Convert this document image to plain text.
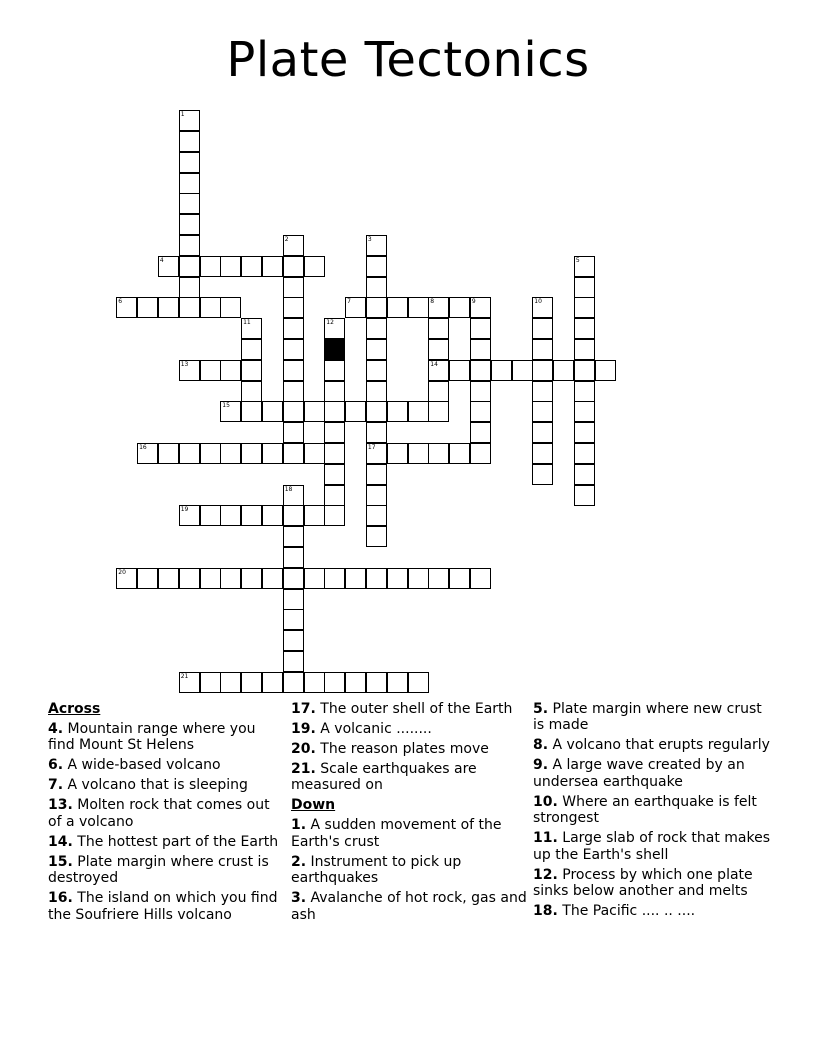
Plate Tectonics
1
2	3
17
4	5
6	7	8	9
14
10
11	12
13
15
16
18
19
20
21
Across
4. Mountain range where you find Mount St Helens
6. A wide-based volcano
7. A volcano that is sleeping
13. Molten rock that comes out of a volcano
14. The hottest part of the Earth
15. Plate margin where crust is destroyed
16. The island on which you find the Soufriere Hills volcano
17. The outer shell of the Earth
19. A volcanic ........
20. The reason plates move
21. Scale earthquakes are measured on
Down
1. A sudden movement of the Earth's crust
2. Instrument to pick up earthquakes
3. Avalanche of hot rock, gas and ash
5. Plate margin where new crust is made
8. A volcano that erupts regularly
9. A large wave created by an undersea earthquake
10. Where an earthquake is felt strongest
11. Large slab of rock that makes up the Earth's shell
12. Process by which one plate sinks below another and melts
18. The Pacific .... .. ....
